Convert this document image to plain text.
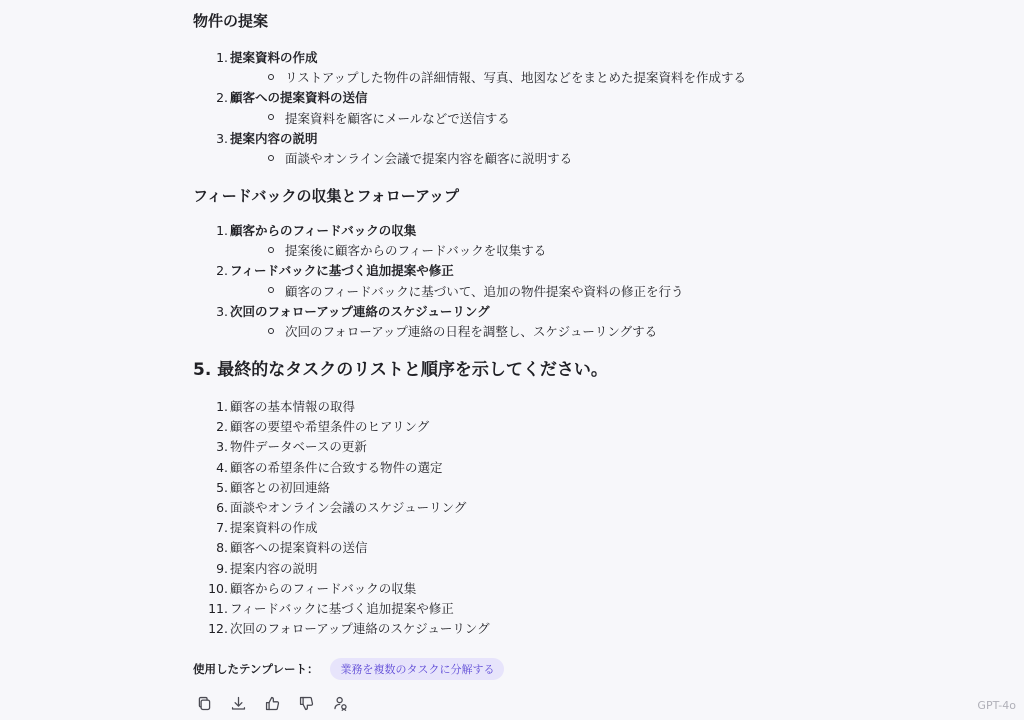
物件の提案
1. 提案資料の作成
リストアップした物件の詳細情報、写真、地図などをまとめた提案資料を作成する
2. 顧客への提案資料の送信
提案資料を顧客にメールなどで送信する
3. 提案内容の説明
面談やオンライン会議で提案内容を顧客に説明する
フィードバックの収集とフォローアップ
1. 顧客からのフィードバックの収集
提案後に顧客からのフィードバックを収集する
2. フィードバックに基づく追加提案や修正
顧客のフィードバックに基づいて、追加の物件提案や資料の修正を行う
3. 次回のフォローアップ連絡のスケジューリング
次回のフォローアップ連絡の日程を調整し、スケジューリングする
5. 最終的なタスクのリストと順序を示してください。
1. 顧客の基本情報の取得
2. 顧客の要望や希望条件のヒアリング
3. 物件データベースの更新
4. 顧客の希望条件に合致する物件の選定
5. 顧客との初回連絡
6. 面談やオンライン会議のスケジューリング
7. 提案資料の作成
8. 顧客への提案資料の送信
9. 提案内容の説明
10. 顧客からのフィードバックの収集
11. フィードバックに基づく追加提案や修正
12. 次回のフォローアップ連絡のスケジューリング
使用したテンプレート：	業務を複数のタスクに分解する
GPT-4o
